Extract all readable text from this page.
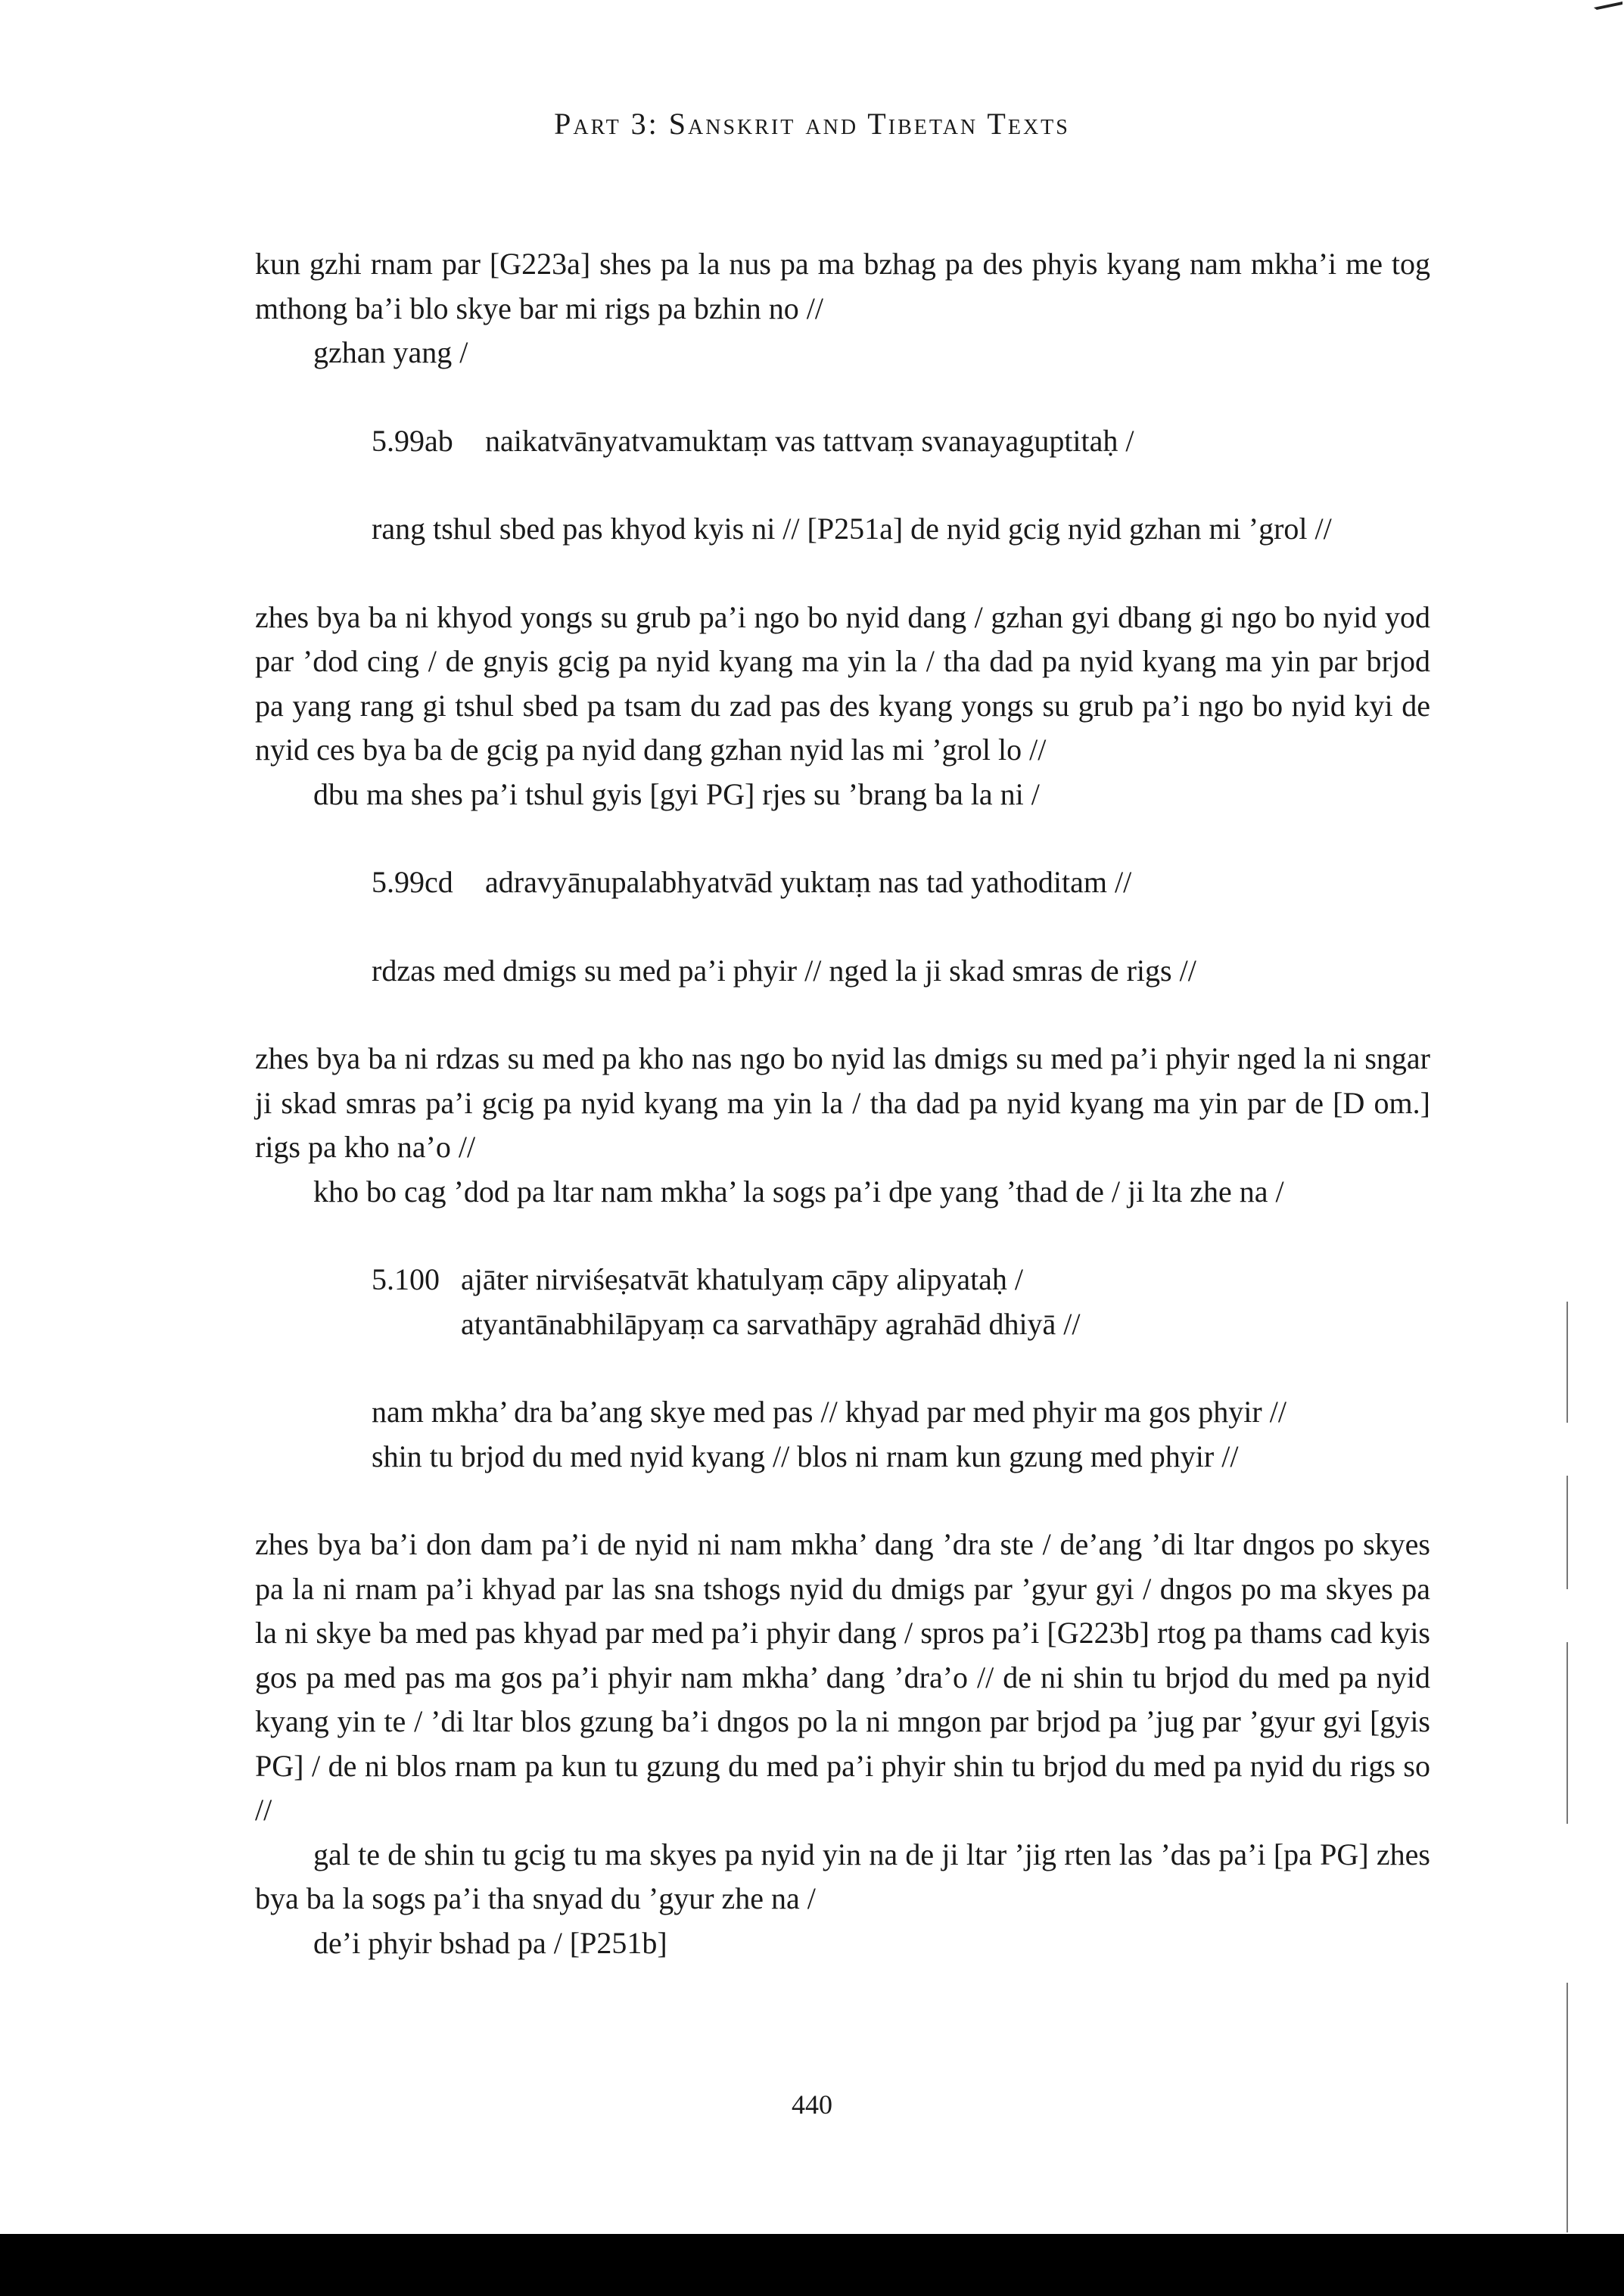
Part 3: Sanskrit and Tibetan Texts

kun gzhi rnam par [G223a] shes pa la nus pa ma bzhag pa des phyis kyang nam mkha’i me tog mthong ba’i blo skye bar mi rigs pa bzhin no //

gzhan yang /

5.99ab naikatvānyatvamuktaṃ vas tattvaṃ svanayaguptitaḥ /
rang tshul sbed pas khyod kyis ni // [P251a] de nyid gcig nyid gzhan mi ’grol //

zhes bya ba ni khyod yongs su grub pa’i ngo bo nyid dang / gzhan gyi dbang gi ngo bo nyid yod par ’dod cing / de gnyis gcig pa nyid kyang ma yin la / tha dad pa nyid kyang ma yin par brjod pa yang rang gi tshul sbed pa tsam du zad pas des kyang yongs su grub pa’i ngo bo nyid kyi de nyid ces bya ba de gcig pa nyid dang gzhan nyid las mi ’grol lo //

dbu ma shes pa’i tshul gyis [gyi PG] rjes su ’brang ba la ni /

5.99cd adravyānupalabhyatvād yuktaṃ nas tad yathoditam //
rdzas med dmigs su med pa’i phyir // nged la ji skad smras de rigs //

zhes bya ba ni rdzas su med pa kho nas ngo bo nyid las dmigs su med pa’i phyir nged la ni sngar ji skad smras pa’i gcig pa nyid kyang ma yin la / tha dad pa nyid kyang ma yin par de [D om.] rigs pa kho na’o //

kho bo cag ’dod pa ltar nam mkha’ la sogs pa’i dpe yang ’thad de / ji lta zhe na /

5.100 ajāter nirviśeṣatvāt khatulyaṃ cāpy alipyataḥ /
atyantānabhilāpyaṃ ca sarvathāpy agrahād dhiyā //
nam mkha’ dra ba’ang skye med pas // khyad par med phyir ma gos phyir //
shin tu brjod du med nyid kyang // blos ni rnam kun gzung med phyir //

zhes bya ba’i don dam pa’i de nyid ni nam mkha’ dang ’dra ste / de’ang ’di ltar dngos po skyes pa la ni rnam pa’i khyad par las sna tshogs nyid du dmigs par ’gyur gyi / dngos po ma skyes pa la ni skye ba med pas khyad par med pa’i phyir dang / spros pa’i [G223b] rtog pa thams cad kyis gos pa med pas ma gos pa’i phyir nam mkha’ dang ’dra’o // de ni shin tu brjod du med pa nyid kyang yin te / ’di ltar blos gzung ba’i dngos po la ni mngon par brjod pa ’jug par ’gyur gyi [gyis PG] / de ni blos rnam pa kun tu gzung du med pa’i phyir shin tu brjod du med pa nyid du rigs so //

gal te de shin tu gcig tu ma skyes pa nyid yin na de ji ltar ’jig rten las ’das pa’i [pa PG] zhes bya ba la sogs pa’i tha snyad du ’gyur zhe na /

de’i phyir bshad pa / [P251b]

440
